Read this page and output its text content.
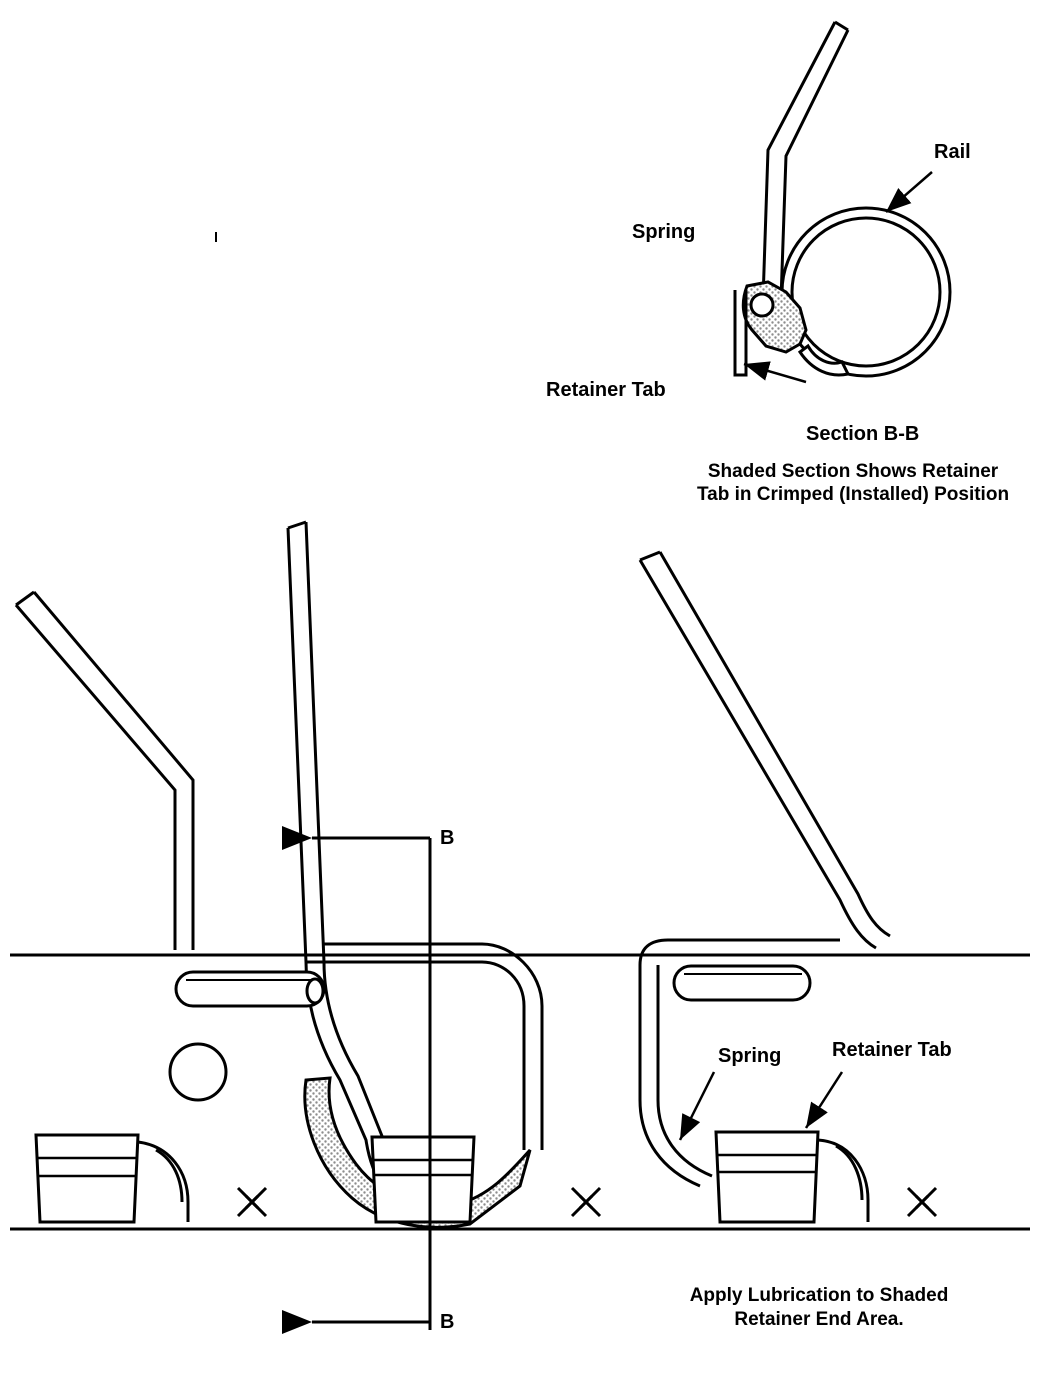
Spring
Rail
Retainer Tab
Section B-B
Shaded Section Shows Retainer
Tab in Crimped (Installed) Position
B
B
Spring	Retainer Tab
Apply Lubrication to Shaded
Retainer End Area.
